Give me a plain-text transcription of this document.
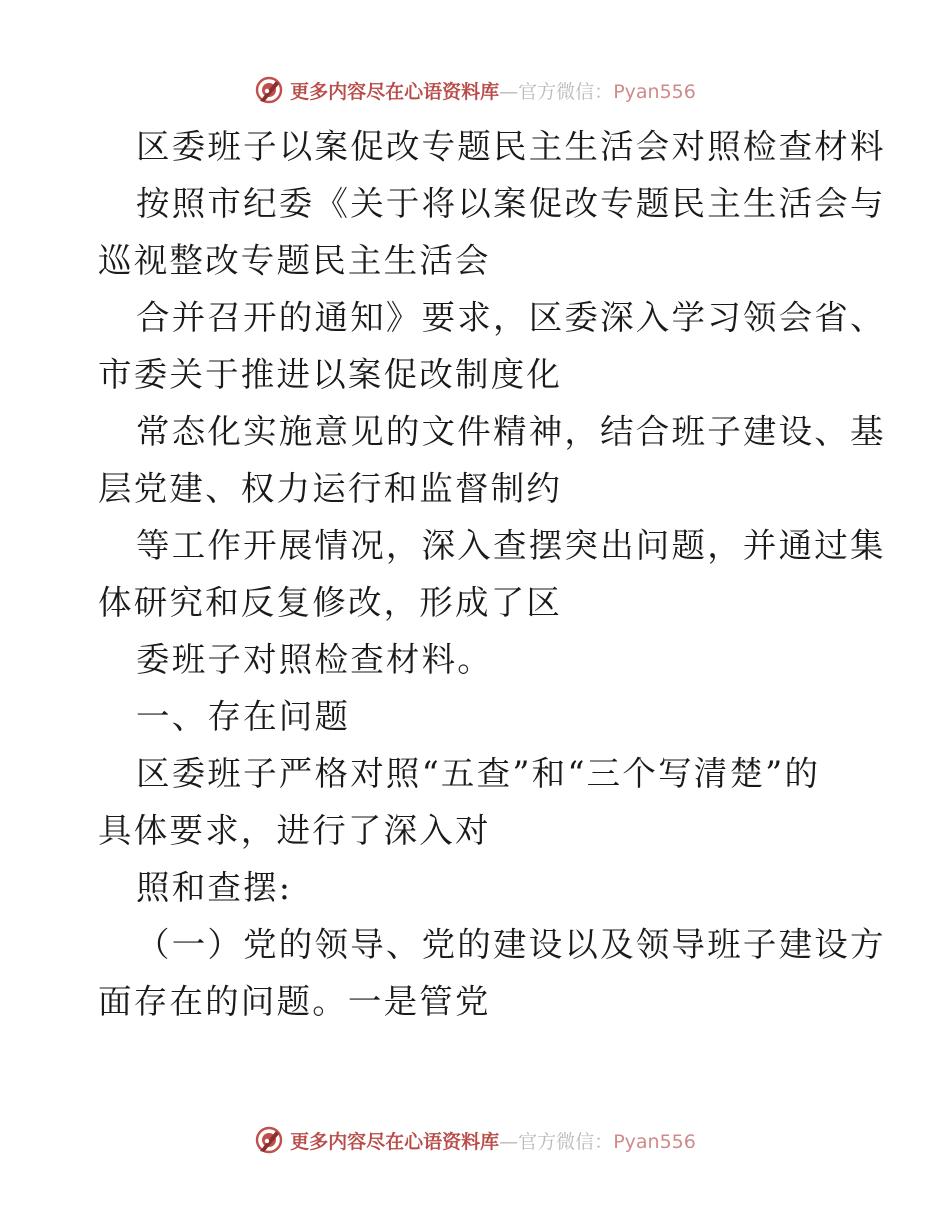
更多内容尽在心语资料库—官方微信：Pyan556
区委班子以案促改专题民主生活会对照检查材料
按照市纪委《关于将以案促改专题民主生活会与
巡视整改专题民主生活会
合并召开的通知》要求，区委深入学习领会省、
市委关于推进以案促改制度化
常态化实施意见的文件精神，结合班子建设、基
层党建、权力运行和监督制约
等工作开展情况，深入查摆突出问题，并通过集
体研究和反复修改，形成了区
委班子对照检查材料。
一、存在问题
区委班子严格对照“五查”和“三个写清楚”的
具体要求，进行了深入对
照和查摆:
（一）党的领导、党的建设以及领导班子建设方
面存在的问题。一是管党
更多内容尽在心语资料库—官方微信：Pyan556
